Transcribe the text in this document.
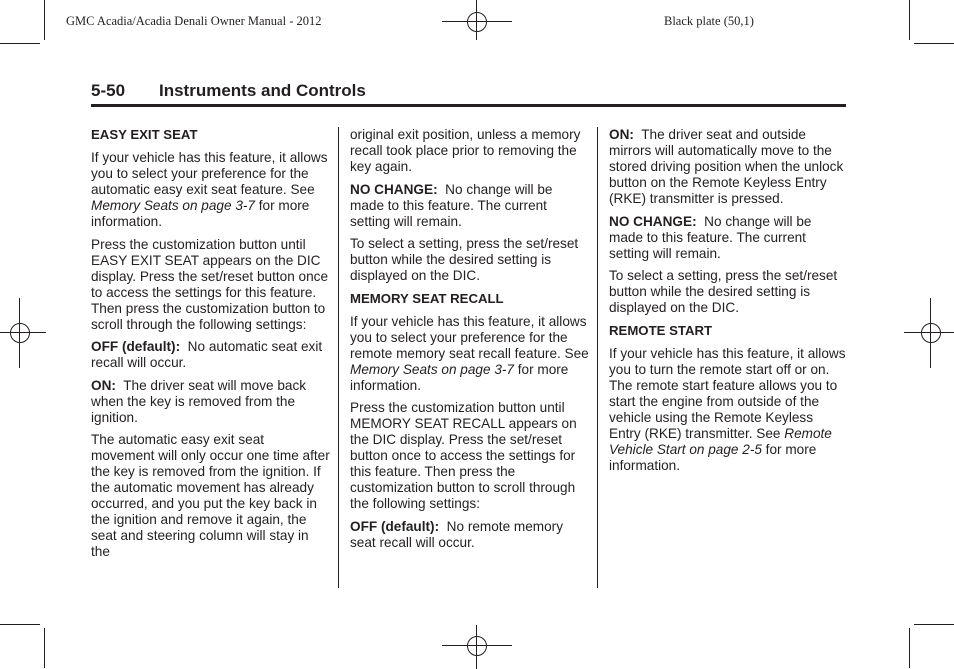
GMC Acadia/Acadia Denali Owner Manual - 2012	Black plate (50,1)
5-50 Instruments and Controls
EASY EXIT SEAT

If your vehicle has this feature, it allows you to select your preference for the automatic easy exit seat feature. See Memory Seats on page 3-7 for more information.

Press the customization button until EASY EXIT SEAT appears on the DIC display. Press the set/reset button once to access the settings for this feature. Then press the customization button to scroll through the following settings:

OFF (default):  No automatic seat exit recall will occur.

ON:  The driver seat will move back when the key is removed from the ignition.

The automatic easy exit seat movement will only occur one time after the key is removed from the ignition. If the automatic movement has already occurred, and you put the key back in the ignition and remove it again, the seat and steering column will stay in the

original exit position, unless a memory recall took place prior to removing the key again.

NO CHANGE:  No change will be made to this feature. The current setting will remain.

To select a setting, press the set/reset button while the desired setting is displayed on the DIC.

MEMORY SEAT RECALL

If your vehicle has this feature, it allows you to select your preference for the remote memory seat recall feature. See Memory Seats on page 3-7 for more information.

Press the customization button until MEMORY SEAT RECALL appears on the DIC display. Press the set/reset button once to access the settings for this feature. Then press the customization button to scroll through the following settings:

OFF (default):  No remote memory seat recall will occur.

ON:  The driver seat and outside mirrors will automatically move to the stored driving position when the unlock button on the Remote Keyless Entry (RKE) transmitter is pressed.

NO CHANGE:  No change will be made to this feature. The current setting will remain.

To select a setting, press the set/reset button while the desired setting is displayed on the DIC.

REMOTE START

If your vehicle has this feature, it allows you to turn the remote start off or on. The remote start feature allows you to start the engine from outside of the vehicle using the Remote Keyless Entry (RKE) transmitter. See Remote Vehicle Start on page 2-5 for more information.
